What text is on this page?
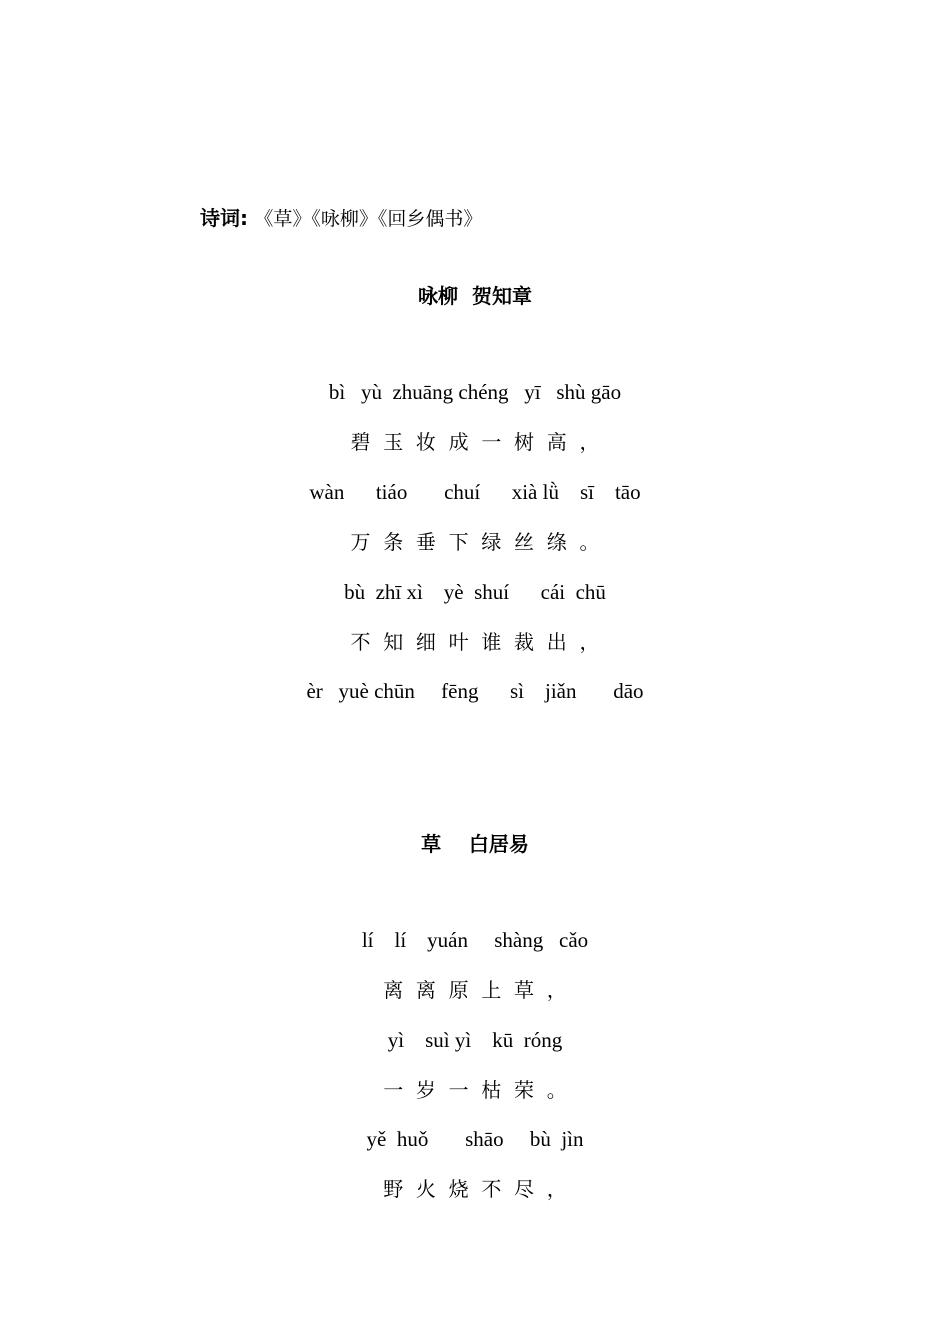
诗词: 《草》《咏柳》《回乡偶书》
咏柳  贺知章
bì   yù  zhuāng chéng   yī   shù gāo
碧  玉  妆  成  一  树  高  ，
wàn      tiáo       chuí      xià lǜ    sī    tāo
万  条  垂  下  绿  丝  绦  。
bù  zhī xì    yè  shuí      cái  chū
不  知  细  叶  谁  裁  出  ，
èr   yuè chūn     fēng      sì    jiǎn       dāo
草    白居易
lí    lí    yuán     shàng   cǎo
离  离  原  上  草  ，
yì    suì yì    kū  róng
一  岁  一  枯  荣  。
yě  huǒ       shāo     bù  jìn
野  火  烧  不  尽  ，
